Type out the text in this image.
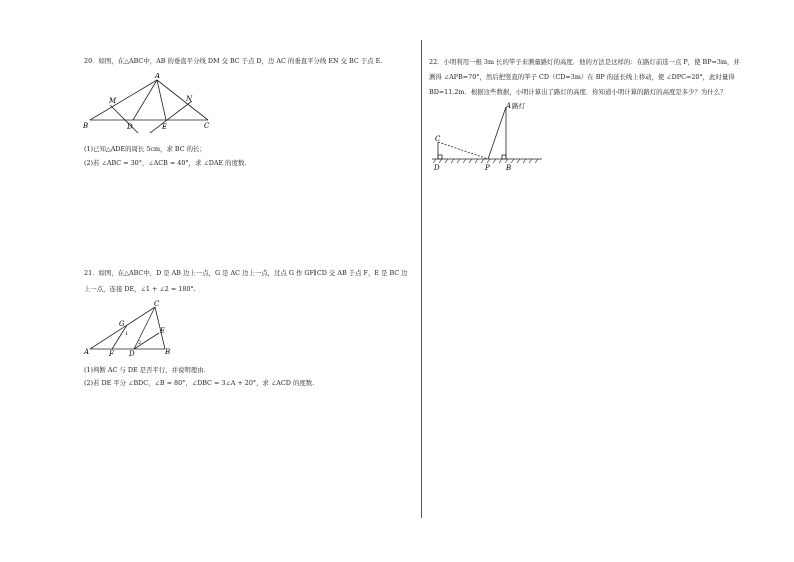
20．如图，在△ABC中，AB 的垂直平分线 DM 交 BC 于点 D，边 AC 的垂直平分线 EN 交 BC 于点 E.
A
B	C
D	E
M	N
(1)已知△ADE的周长 5cm，求 BC 的长；
(2)若 ∠ABC = 30°，∠ACB = 40°，求 ∠DAE 的度数.
21．如图，在△ABC中，D 是 AB 边上一点，G 是 AC 边上一点，过点 G 作 GF∥CD 交 AB 于点 F，E 是 BC 边
上一点，连接 DE，∠1 + ∠2 = 180°.
A	B
C
D
E
F
G
1
2
(1)判断 AC 与 DE 是否平行，并说明理由.
(2)若 DE 平分 ∠BDC，∠B = 80°，∠DBC = 3∠A + 20°，求 ∠ACD 的度数.
22．小明利用一根 3m 长的竿子来测量路灯的高度．他的方法是这样的：在路灯前选一点 P，使 BP=3m，并
测得 ∠APB=70°，然后把竖直的竿子 CD（CD=3m）在 BP 的延长线上移动，使 ∠DPC=20°，此时量得
BD=11.2m．根据这些数据，小明计算出了路灯的高度．你知道小明计算的路灯的高度是多少？为什么？
A 路灯
C
D	P B
